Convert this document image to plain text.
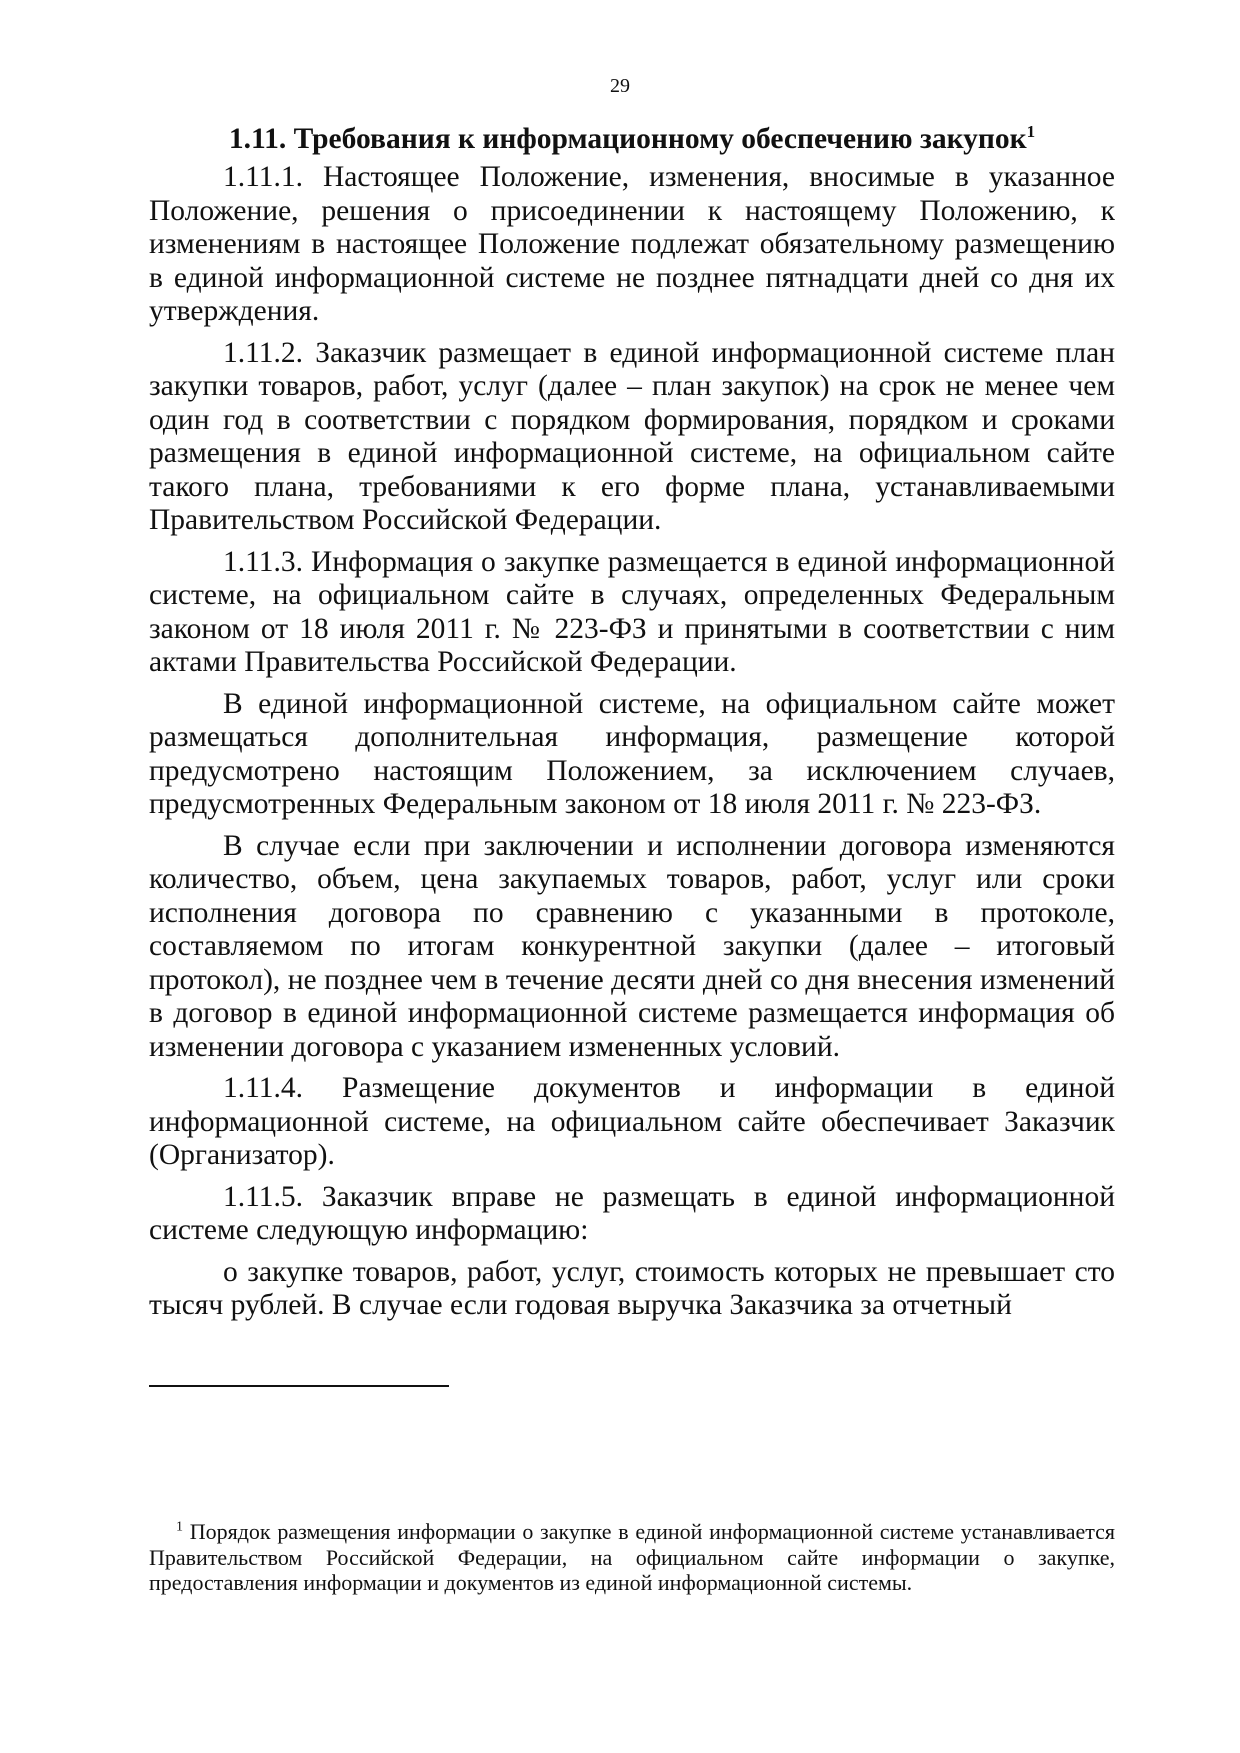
29
1.11. Требования к информационному обеспечению закупок$^1$

1.11.1. Настоящее Положение, изменения, вносимые в указанное Положение, решения о присоединении к настоящему Положению, к изменениям в настоящее Положение подлежат обязательному размещению в единой информационной системе не позднее пятнадцати дней со дня их утверждения.

1.11.2. Заказчик размещает в единой информационной системе план закупки товаров, работ, услуг (далее – план закупок) на срок не менее чем один год в соответствии с порядком формирования, порядком и сроками размещения в единой информационной системе, на официальном сайте такого плана, требованиями к его форме плана, устанавливаемыми Правительством Российской Федерации.

1.11.3. Информация о закупке размещается в единой информационной системе, на официальном сайте в случаях, определенных Федеральным законом от 18 июля 2011 г. № 223-ФЗ и принятыми в соответствии с ним актами Правительства Российской Федерации.

В единой информационной системе, на официальном сайте может размещаться дополнительная информация, размещение которой предусмотрено настоящим Положением, за исключением случаев, предусмотренных Федеральным законом от 18 июля 2011 г. № 223-ФЗ.

В случае если при заключении и исполнении договора изменяются количество, объем, цена закупаемых товаров, работ, услуг или сроки исполнения договора по сравнению с указанными в протоколе, составляемом по итогам конкурентной закупки (далее – итоговый протокол), не позднее чем в течение десяти дней со дня внесения изменений в договор в единой информационной системе размещается информация об изменении договора с указанием измененных условий.

1.11.4. Размещение документов и информации в единой информационной системе, на официальном сайте обеспечивает Заказчик (Организатор).

1.11.5. Заказчик вправе не размещать в единой информационной системе следующую информацию:

о закупке товаров, работ, услуг, стоимость которых не превышает сто тысяч рублей. В случае если годовая выручка Заказчика за отчетный

$^1$ Порядок размещения информации о закупке в единой информационной системе устанавливается Правительством Российской Федерации, на официальном сайте информации о закупке, предоставления информации и документов из единой информационной системы.
